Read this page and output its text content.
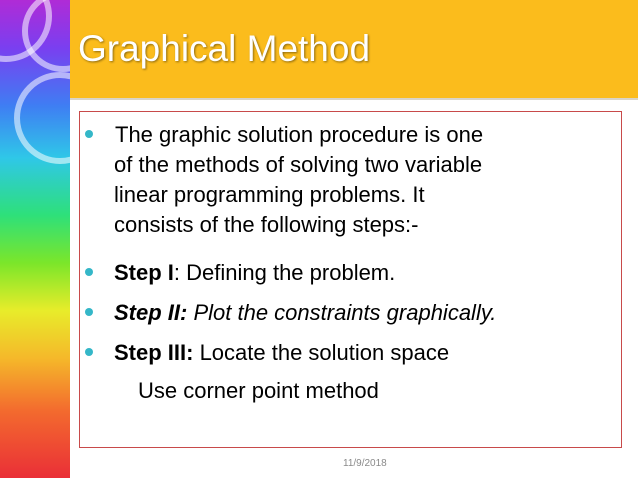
Graphical Method
The graphic solution procedure is one
of the methods of solving two variable
linear programming problems. It
consists of the following steps:-
Step I: Defining the problem.
Step II: Plot the constraints graphically.
Step III: Locate the solution space
Use corner point method
11/9/2018
